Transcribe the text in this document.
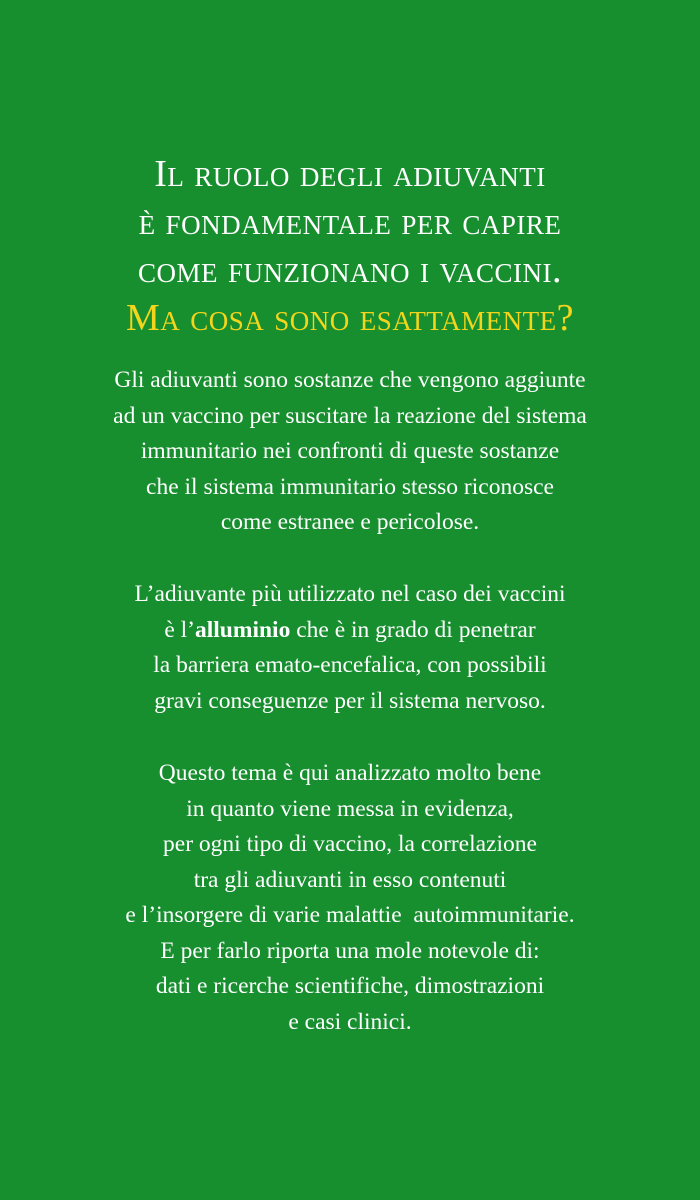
Il ruolo degli adiuvanti
è fondamentale per capire
come funzionano i vaccini.
Ma cosa sono esattamente?

Gli adiuvanti sono sostanze che vengono aggiunte
ad un vaccino per suscitare la reazione del sistema
immunitario nei confronti di queste sostanze
che il sistema immunitario stesso riconosce
come estranee e pericolose.

L’adiuvante più utilizzato nel caso dei vaccini
è l’alluminio che è in grado di penetrar
la barriera emato-encefalica, con possibili
gravi conseguenze per il sistema nervoso.

Questo tema è qui analizzato molto bene
in quanto viene messa in evidenza,
per ogni tipo di vaccino, la correlazione
tra gli adiuvanti in esso contenuti
e l’insorgere di varie malattie  autoimmunitarie.
E per farlo riporta una mole notevole di:
dati e ricerche scientifiche, dimostrazioni
e casi clinici.
